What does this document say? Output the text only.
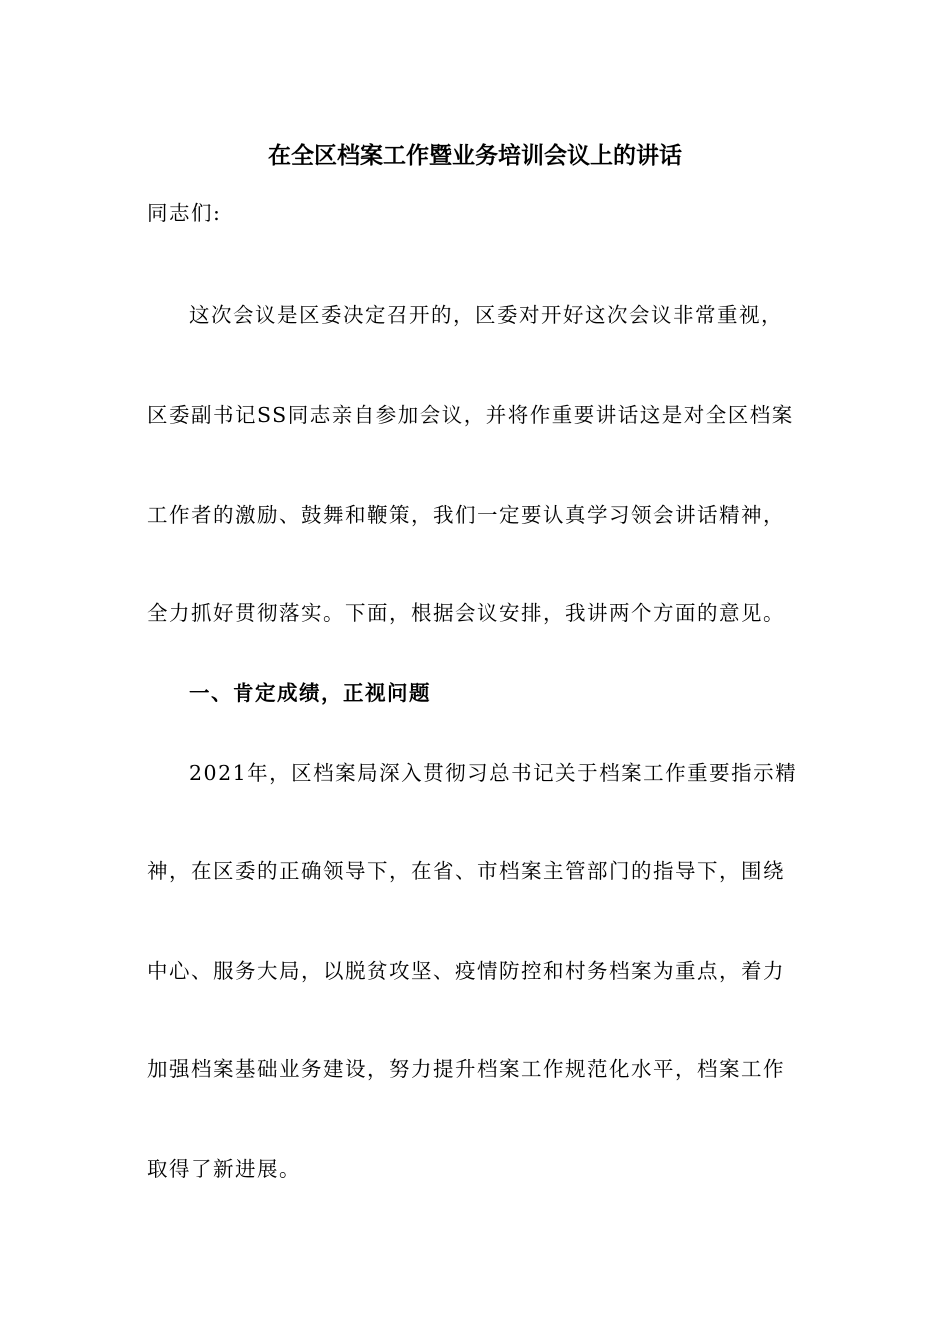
在全区档案工作暨业务培训会议上的讲话
同志们:
这次会议是区委决定召开的，区委对开好这次会议非常重视，
区委副书记SS同志亲自参加会议，并将作重要讲话这是对全区档案
工作者的激励、鼓舞和鞭策，我们一定要认真学习领会讲话精神，
全力抓好贯彻落实。下面，根据会议安排，我讲两个方面的意见。
一、肯定成绩，正视问题
2021年，区档案局深入贯彻习总书记关于档案工作重要指示精
神，在区委的正确领导下，在省、市档案主管部门的指导下，围绕
中心、服务大局，以脱贫攻坚、疫情防控和村务档案为重点，着力
加强档案基础业务建设，努力提升档案工作规范化水平，档案工作
取得了新进展。
